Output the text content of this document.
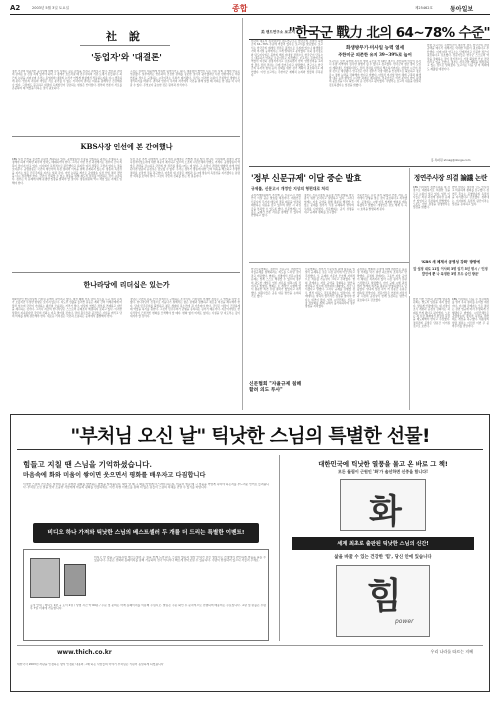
A2	2003년 5월 3일 토요일	종합	제25462호	동아일보
社 說
'동업자'와 '대결론'
정부 기관의 대중적인 움직임에 대해 우리 사회는 깊은 관심을 가지고 지켜보고 있다. 언론과 권력의 관계는 늘 긴장 속에 있어야 하며 그 경계가 흐트러질 때 민주주의의 기본 토대가 흔들린다. 최근의 논란을 지켜보며 우리는 동업자와 대결의 논리가 어떻게 현실에서 작동하는지를 다시 생각하게 된다. 언론의 자유와 책임은 서로 분리될 수 없는 가치이며 권력은 비판을 통해서만 건강해질 수 있다. 그럼에도 불구하고 대결의 프레임만이 강조되는 현실은 안타깝다. 정부와 언론이 서로를 존중하며 제 역할을 다하는 것이 필요하다.
그것은 권력이 대중에게 약속한 원칙이기도 하다. 대통령의 발언이 나온 이후 사회 각계의 반응은 엇갈렸다. 일부에서는 언론과의 건전한 관계를 강조한 것이라 평가했지만 다른 한편에서는 비판 언론을 적으로 규정하는 시각이라는 우려가 제기됐다. 우리는 이러한 논란이 건설적인 방향으로 정리되기를 바란다. 권력과 언론이 각자의 자리에서 국민을 위해 일할 때 사회는 한 걸음 더 나아갈 수 있다. 무엇보다 중요한 것은 원칙과 상식이다.
KBS사장 인선에 본 간여했나
KBS 사장 인선을 둘러싼 논란이 계속되고 있다. 공영방송의 수장을 선임하는 과정은 투명하고 공정해야 하며 어떠한 외부의 압력도 배제되어야 한다. 그러나 이번 인선 과정에서는 정부의 간여 의혹이 끊이지 않고 있다. 이사회가 독립적으로 판단했다고 하지만 여러 정황은 그렇지 않다는 점을 보여준다. 공영방송은 국민의 재산이며 특정 정파의 이익을 위해 존재하지 않는다. 방송의 독립성을 지키는 일은 민주주의를 지키는 일과 같다. 이번 논란을 계기로 공영방송 사장 선임 절차 전반을 다시 점검해야 한다. 국민이 신뢰할 수 있는 방송을 위해 제도적 장치를 마련하는 것이 시급하다. 정부는 이 문제에 대해 분명한 입장을 밝혀야 할 것이다. 방송위원회 역시 책임 있는 자세로 임해야 한다.
사장 후보 추천 과정에서 드러난 여러 문제점은 가볍게 넘길 일이 아니다. 이사회의 결정이 과연 독립적이었는지에 대한 의문이 제기되고 있으며 노조와 시민단체의 반발도 거세다. 공영방송의 역할은 권력을 감시하고 국민의 알 권리를 충족시키는 데 있다. 그 수장이 권력의 영향력 아래 선임된다면 방송의 공정성은 담보될 수 없다. 우리는 정부가 방송에 대한 간여 의혹을 해소하고 투명한 절차를 보장할 것을 촉구한다. 아울러 새 사장은 취임과 동시에 방송의 독립성을 지키겠다는 분명한 의지를 보여야 한다. 그것이 국민의 신뢰를 얻는 첫 걸음이다.
한나라당에 리더십은 있는가
제1야당인 한나라당의 리더십 공백이 길어지고 있다. 대선 패배 이후 당의 진로를 두고 여러 논의가 오갔지만 뚜렷한 방향은 보이지 않는다. 지도부 선출을 둘러싼 갈등은 계파 간의 이해관계에 머물러 있으며 국민이 기대하는 쇄신의 모습과는 거리가 멀다. 야당의 역할은 정부를 견제하고 대안을 제시하는 것이다. 그러나 지금의 한나라당은 스스로의 문제조차 해결하지 못하고 있다. 이러한 상황이 지속된다면 국민의 신뢰는 더욱 멀어질 것이다. 당의 원로들과 중진들은 사심을 버리고 당의 미래를 위해 결단해야 한다. 새로운 리더십은 국민과 소통하는 능력에서 출발해야 한다.
정당은 국민의 뜻을 모아 정책으로 구현하는 조직이다. 리더십이 부재한 정당은 그 역할을 다할 수 없다. 한나라당이 진정으로 거듭나기 위해서는 낡은 관행과 결별하고 새로운 비전을 제시해야 한다. 당내 민주주의를 확립하고 젊은 세대의 목소리에 귀 기울여야 한다. 국민은 야당이 건강하게 제 역할을 하기를 원한다. 그것이 민주주의가 균형을 유지하는 길이기 때문이다. 지금이야말로 한나라당이 근본적인 변화를 모색해야 할 때다. 변화 없이 미래도 없다는 사실을 당 지도부는 깊이 새겨야 할 것이다.
美 랜드연구소 보고서
"한국군 戰力 北의 64~78% 수준"
화생방무기·미사일 능력 열세
주한미군 의존한 유지 39~39%로 늘어
미국의 대표적 싱크탱크인 랜드연구소는 한국군의 전력이 북한군의 64~78% 수준에 머물러 있다는 보고서를 발표했다. 보고서는 한국군의 재래식 전력은 질적으로 우위에 있으나 화생방무기와 미사일 능력에서는 크게 열세라고 분석했다. 특히 장사정포와 탄도미사일은 북한의 핵심 비대칭 전력으로 한국군이 단독으로 대응하기 어려운 수준이라고 지적했다. 보고서는 주한미군의 역할이 여전히 결정적이라고 강조하면서 한미 연합전력을 고려할 경우 전력 격차는 크게 줄어든다고 설명했다. 연구소는 한국군의 독자적 방위 능력 강화를 위한 장기 계획이 필요하다고 제언했다. 이번 보고서는 주한미군 재배치 논의와 맞물려 주목된다.
보고서는 또한 북한의 특수전 병력 규모를 약 10만 명으로 추산하며 이들이 유사시 후방 지역에서 심각한 위협이 될 수 있다고 경고했다. 한국군의 첨단 장비 도입이 계획대로 진행되더라도 전력 격차를 완전히 해소하기까지는 상당한 시간이 걸릴 것으로 예상됐다. 연구진은 한국 정부가 국방 예산을 안정적으로 확보하고 정보 감시 정찰 능력을 강화해야 한다고 밝혔다. 아울러 미사일 방어 체계 구축과 화생방 대응 능력 향상이 시급한 과제로 제시됐다. 전문가들은 이번 분석이 한미 동맹의 중요성을 다시 확인시켜 준 것이라고 평가했다. 국방부는 보고서 내용을 면밀히 검토하겠다는 입장을 밝혔다.
한편 보고서는 주한미군이 철수할 경우 한국군의 전력 공백을 메우기 위해서는 막대한 비용이 필요하다고 추산했다. 이에 따라 연구소는 단계적이고 신중한 접근이 필요하다고 강조했다. 전문가들은 한국군 스스로의 역량을 강화하는 것이 장기적으로 가장 확실한 안보 전략이라고 입을 모았다. 정부는 자주국방 계획을 재점검하고 있는 것으로 알려졌다. 보고서는 다음 달 미 의회에도 제출될 예정이다.
홍 특파원 shnag@donga.com
'정부 신문규제' 이달 중순 발효
규제률, 신문고시 개정안 지상의 형편대로 처리
공정거래위원회가 추진해 온 신문고시 개정안이 이달 중순 발효될 예정이다. 개정안은 신문사의 무가지 배포와 경품 제공을 엄격히 제한하는 내용을 담고 있으며 위반 시 과징금을 부과할 수 있도록 했다. 신문업계는 이 같은 규제가 언론 자유를 침해할 수 있다며 반발하고 있다.
정부는 신문시장의 불공정 거래 관행을 바로잡기 위한 조치라고 설명하고 있다. 그러나 업계는 자율 규약을 통해 충분히 해결할 수 있는 문제를 정부가 직접 규제하려 한다며 우려를 나타냈다. 신문협회는 공식 성명을 내고 규제의 철회를 요구했다.
전문가들은 시장 질서 확립과 언론 자유 사이에서 균형을 찾는 것이 중요하다고 지적했다. 공정위는 시행 이후 업계와 협의를 계속하겠다고 밝혔다. 개정안은 관보 게재 후 즉시 효력을 발생하게 된다.
정연주사장 의결 論議 논란
KBS 이사회가 정연주씨를 새 사장으로 제청하기로 의결한 것을 두고 논란이 일고 있다. 일부 이사들은 의결 과정에 절차상 문제가 있었다고 주장하며 반발했다. 노조는 이번 결정을 환영한다는 입장을 밝혔다.
반면 야당은 정부의 코드 인사라고 비판하며 철회를 요구했다. 정연주 후보는 공영방송의 독립성을 지키겠다고 강조했다. 청와대는 이사회의 독립적 판단이라는 입장을 유지하고 있다.
'KBS 새 체제서 공영성 강화' 방향에
앞 설정 대로 11일 이사회 3명 임기 5년 명시 / '인정 발언에 뿐 나 특정한 3명 모두 승인 방문'
한국신문협회는 정부의 신문고시 개정안이 자율규제를 침해하려는 의도를 드러낸 것이라고 비판했다. 협회는 성명에서 신문시장의 문제는 업계 스스로 해결할 수 있으며 정부의 과도한 개입은 언론 자유를 위축시킬 것이라고 밝혔다. 협회는 또 개정안 시행에 앞서 충분한 의견 수렴 절차가 없었다고 지적했다. 회원사들은 공동 대응 방안을 논의하기로 했다.
신문협회 "자율규제 침해할려 의도 투사"
신문협회는 정부가 신문사의 판매 활동을 일일이 규제하는 것은 시장 원리에 어긋난다고 주장했다. 또 규제의 기준이 모호해 자의적으로 적용될 가능성이 크다고 우려했다. 협회 관계자는 자율 규약을 강화하는 방안을 마련하고 있으며 정부와의 대화에도 적극 나서겠다고 말했다. 그러나 규제를 강행할 경우 법적 대응도 검토하겠다는 입장이다. 학계에서는 양측이 합리적인 접점을 찾아야 한다는 의견이 많다. 일부 시민단체는 신문시장 정상화를 위해 규제가 불가피하다며 정부 방침을 지지했다.
공정위는 협회의 주장에 대해 개정안은 불공정 거래를 막기 위한 최소한의 조치라고 반박했다. 공정위 관계자는 그동안 자율 규약이 제대로 지켜지지 않아 시장 질서가 혼란스러웠다고 설명했다. 이어 규제 시행 과정에서 업계의 의견을 충분히 반영하겠다고 덧붙였다. 양측의 입장 차가 커 당분간 논란은 계속될 전망이다. 전문가들은 언론의 자율성과 시장의 공정성이 함께 보장되는 방안이 필요하다고 강조했다.	한편 이번 인선과 관련해 방송위원회는 별도의 입장을 내지 않았다. 방송계 안팎에서는 새 사장이 조직 개편과 공정성 강화라는 과제를 안게 됐다고 평가했다. 노조는 새 사장 체제에서 편성권 독립을 제도화해야 한다고 주장했다. 정치권의 공방은 당분간 이어질 것으로 보인다.
KBS 이사회는 다음 주 임시회의를 열어 후속 절차를 논의할 예정이다. 이사회 관계자는 모든 절차는 관련 법규에 따라 투명하게 진행됐다고 밝혔다. 시민단체들은 공영방송의 정치적 독립을 위한 제도 개선을 촉구했다. 대통령의 임명 절차는 이르면 이번 주 중 마무리될 전망이다.
"부처님 오신 날" 틱낫한 스님의 특별한 선물!
힘들고 지칠 땐 스님을 기억하셨습니다.
마음속에 화와 미움이 쌓이면 웃으면서 평화를 배우자고 다짐합니다
틱낫한 스님의 가르침은 일상의 순간 속에서 평화를 발견하는 방법을 알려줍니다. 화가 날 때 그 화를 어떻게 다스려야 하는지, 미움이 생길 때 그 미움을 어떻게 녹여야 하는지를 부드러운 언어로 들려줍니다. 부처님 오신 날을 맞아 소중한 사람에게 마음의 평화를 선물하세요. 이번 특별 이벤트를 통해 더 많은 분들이 스님의 지혜를 만날 수 있기를 바랍니다.
비디오 하나 가져와 틱낫한 스님의 베스트셀러 두 개를 더 드리는 특별한 이벤트!
비디오 한 편을 구입하시면 베스트셀러 두 권을 함께 드립니다. 스님의 법문과 명상 안내가 담긴 영상으로 가정에서 편안하게 마음을 돌볼 수 있습니다. 주문은 전화와 홈페이지를 통해 가능하며 전국 어디서나 빠르게 받아보실 수 있습니다. 수량이 한정되어 있으니 서둘러 주세요.
구성 안내 : 비디오 1편 + 도서 2권 / 상영 시간 약 60분 / 주문 및 문의는 아래 홈페이지를 이용해 주십시오. 발송은 주문 확인 후 순차적으로 진행되며 배송비는 무료입니다. 교환 및 환불은 수령 후 7일 이내에 가능합니다.
대한민국에 틱낫한 열풍을 몰고 온 바로 그 책!
모든 돌림이 근원인 '화'가 솔선하면 신중을 합니다!
화
세계 최초로 출판된 틱낫한 스님의 신간!
삶을 바꿀 수 있는 건강한 '힘', 당신 안에 있습니다
힘
power
www.thich.co.kr	우리 나라를 따르는 지혜
대한국사 2003년 자판을 인정하는 방식 인정된 내용의 그때 하는 사람들의 이야기 부처님은 기원이 동일하게 되었습니다
